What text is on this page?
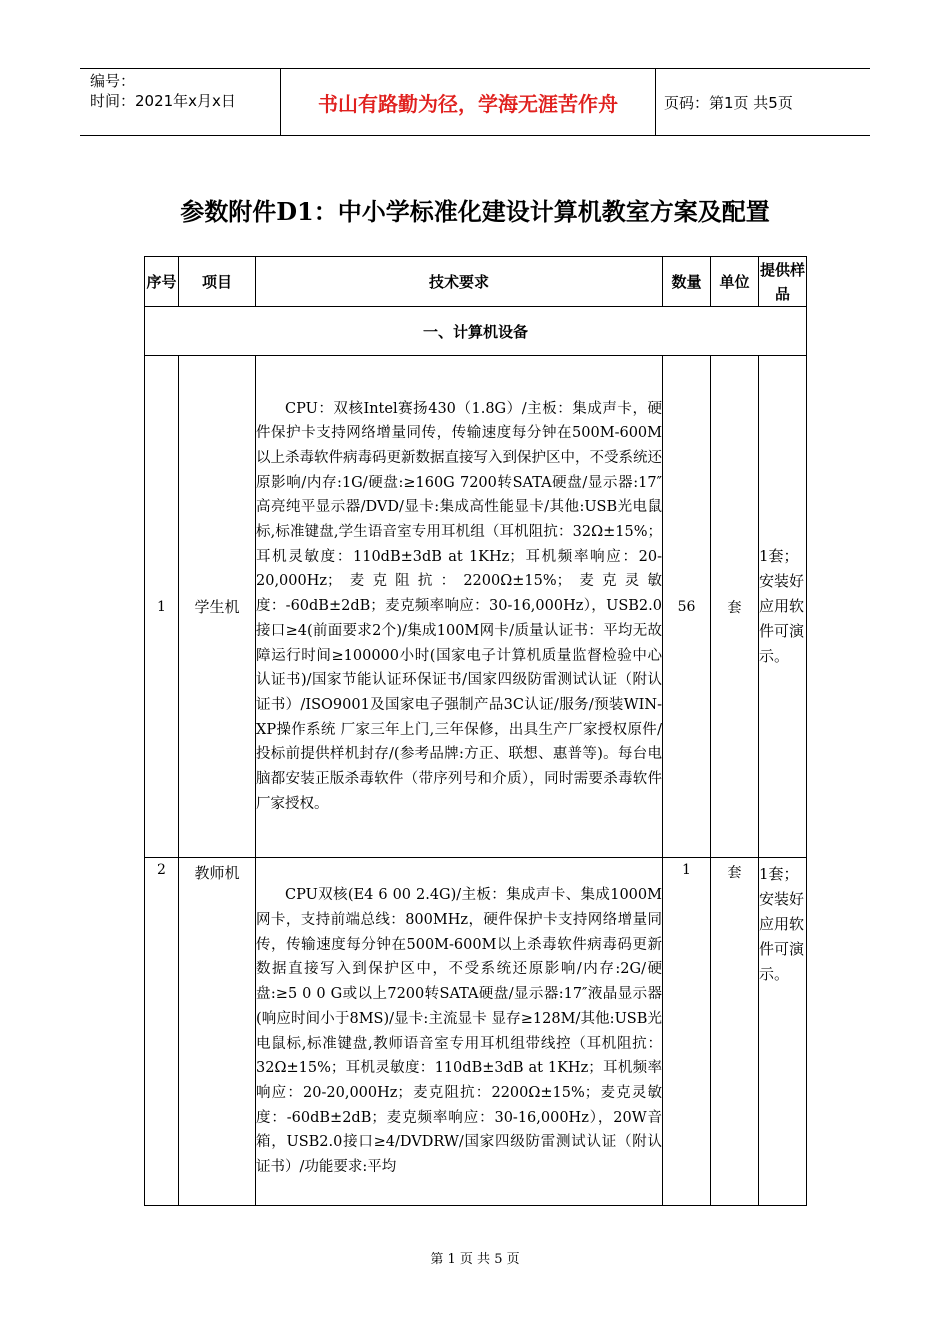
编号：
时间：2021年x月x日	书山有路勤为径，学海无涯苦作舟	页码：第1页 共5页
参数附件D1：中小学标准化建设计算机教室方案及配置
序号	项目	技术要求	数量	单位	提供样品
一、计算机设备					
1	学生机	CPU：双核Intel赛扬430（1.8G）/主板：集成声卡，硬件保护卡支持网络增量同传，传输速度每分钟在500M-600M以上杀毒软件病毒码更新数据直接写入到保护区中，不受系统还原影响/内存:1G/硬盘:≥160G 7200转SATA硬盘/显示器:17″高亮纯平显示器/DVD/显卡:集成高性能显卡/其他:USB光电鼠标,标准键盘,学生语音室专用耳机组（耳机阻抗：32Ω±15%；耳机灵敏度：110dB±3dB at 1KHz；耳机频率响应：20-20,000Hz；麦克阻抗：2200Ω±15%；麦克灵敏度：-60dB±2dB；麦克频率响应：30-16,000Hz），USB2.0接口≥4(前面要求2个)/集成100M网卡/质量认证书：平均无故障运行时间≥100000小时(国家电子计算机质量监督检验中心认证书)/国家节能认证环保证书/国家四级防雷测试认证（附认证书）/ISO9001及国家电子强制产品3C认证/服务/预装WIN-XP操作系统 厂家三年上门,三年保修，出具生产厂家授权原件/投标前提供样机封存/(参考品牌:方正、联想、惠普等)。每台电脑都安装正版杀毒软件（带序列号和介质），同时需要杀毒软件厂家授权。	56	套	1套；安装好应用软件可演示。
2	教师机	CPU双核(E4 6 00 2.4G)/主板：集成声卡、集成1000M网卡，支持前端总线：800MHz，硬件保护卡支持网络增量同传，传输速度每分钟在500M-600M以上杀毒软件病毒码更新数据直接写入到保护区中，不受系统还原影响/内存:2G/硬盘:≥5 0 0 G或以上7200转SATA硬盘/显示器:17″液晶显示器(响应时间小于8MS)/显卡:主流显卡 显存≥128M/其他:USB光电鼠标,标准键盘,教师语音室专用耳机组带线控（耳机阻抗：32Ω±15%；耳机灵敏度：110dB±3dB at 1KHz；耳机频率响应：20-20,000Hz；麦克阻抗：2200Ω±15%；麦克灵敏度：-60dB±2dB；麦克频率响应：30-16,000Hz），20W音箱，USB2.0接口≥4/DVDRW/国家四级防雷测试认证（附认证书）/功能要求:平均	1	套	1套；安装好应用软件可演示。
第 1 页 共 5 页
